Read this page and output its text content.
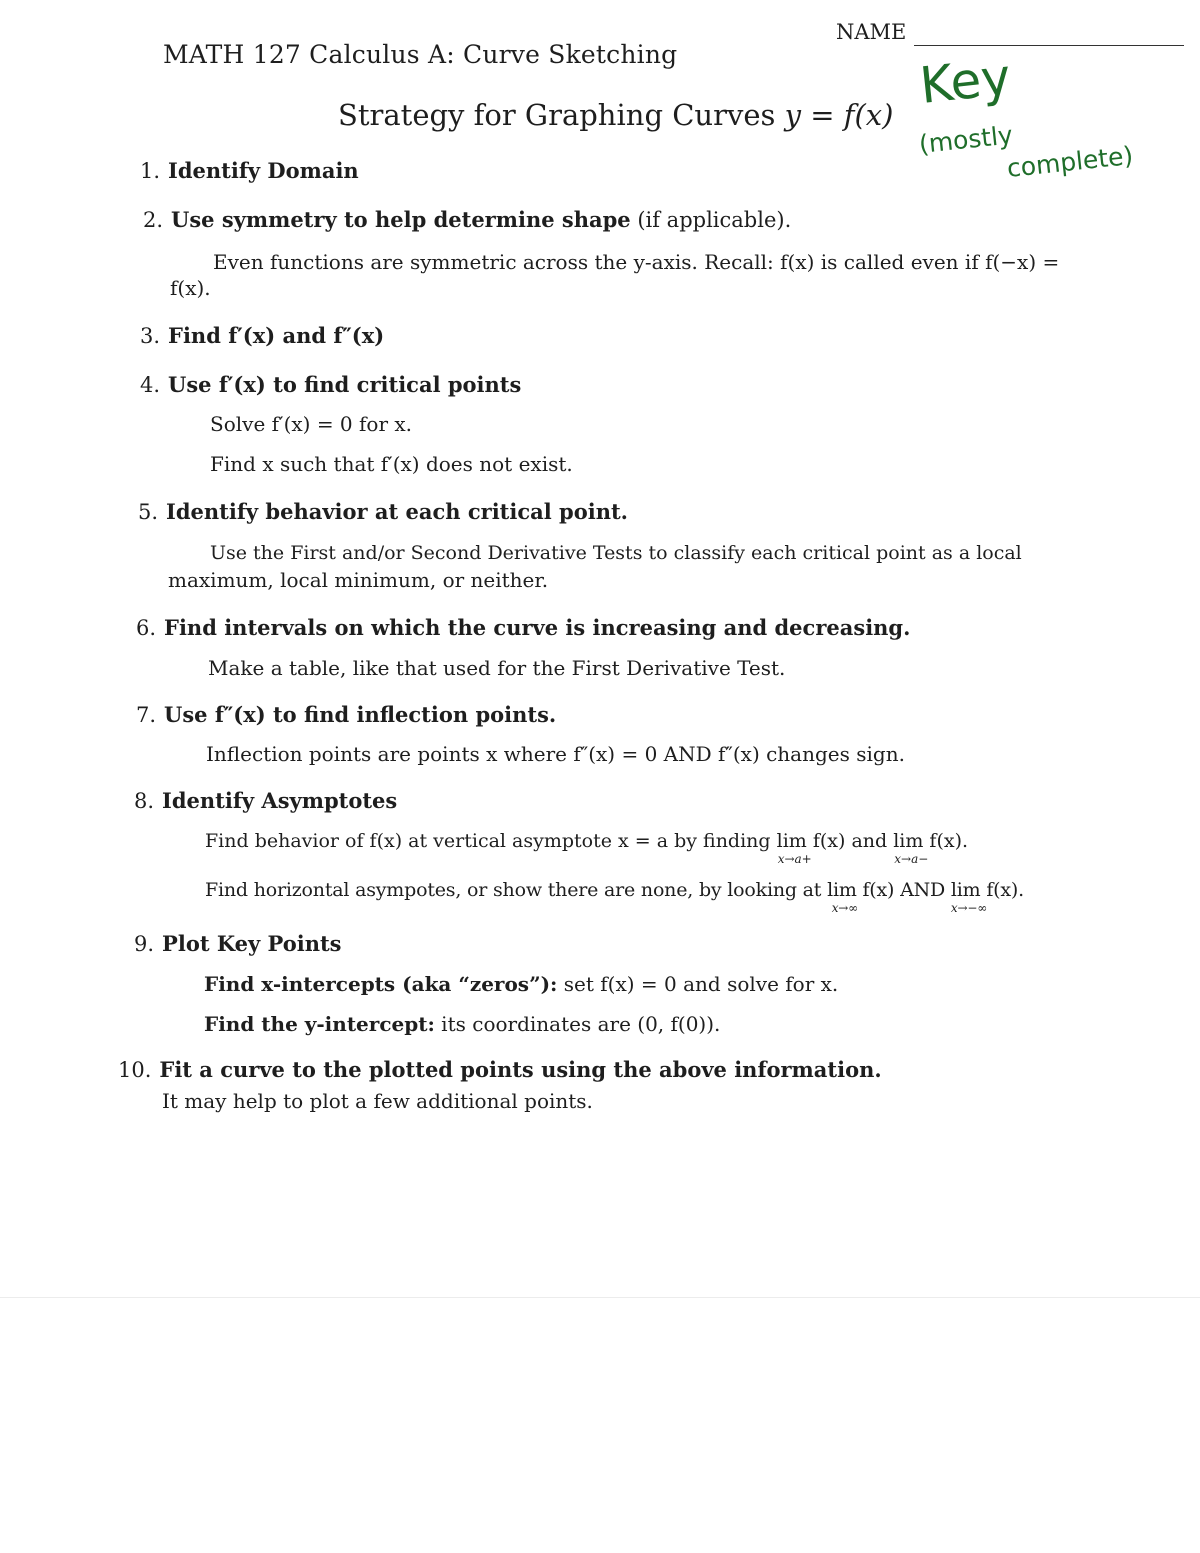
NAME
MATH 127 Calculus A: Curve Sketching
Strategy for Graphing Curves y = f(x)
Key
(mostly
complete)
1. Identify Domain
2. Use symmetry to help determine shape (if applicable).
Even functions are symmetric across the y-axis. Recall: f(x) is called even if f(−x) =
f(x).
3. Find f′(x) and f″(x)
4. Use f′(x) to find critical points
Solve f′(x) = 0 for x.
Find x such that f′(x) does not exist.
5. Identify behavior at each critical point.
Use the First and/or Second Derivative Tests to classify each critical point as a local
maximum, local minimum, or neither.
6. Find intervals on which the curve is increasing and decreasing.
Make a table, like that used for the First Derivative Test.
7. Use f″(x) to find inflection points.
Inflection points are points x where f″(x) = 0 AND f″(x) changes sign.
8. Identify Asymptotes
Find behavior of f(x) at vertical asymptote x = a by finding lim
x→a+
f(x) and lim
x→a−
f(x).
Find horizontal asympotes, or show there are none, by looking at lim
x→∞
f(x) AND lim
x→−∞
f(x).
9. Plot Key Points
Find x-intercepts (aka “zeros”): set f(x) = 0 and solve for x.
Find the y-intercept: its coordinates are (0, f(0)).
10. Fit a curve to the plotted points using the above information.
It may help to plot a few additional points.
